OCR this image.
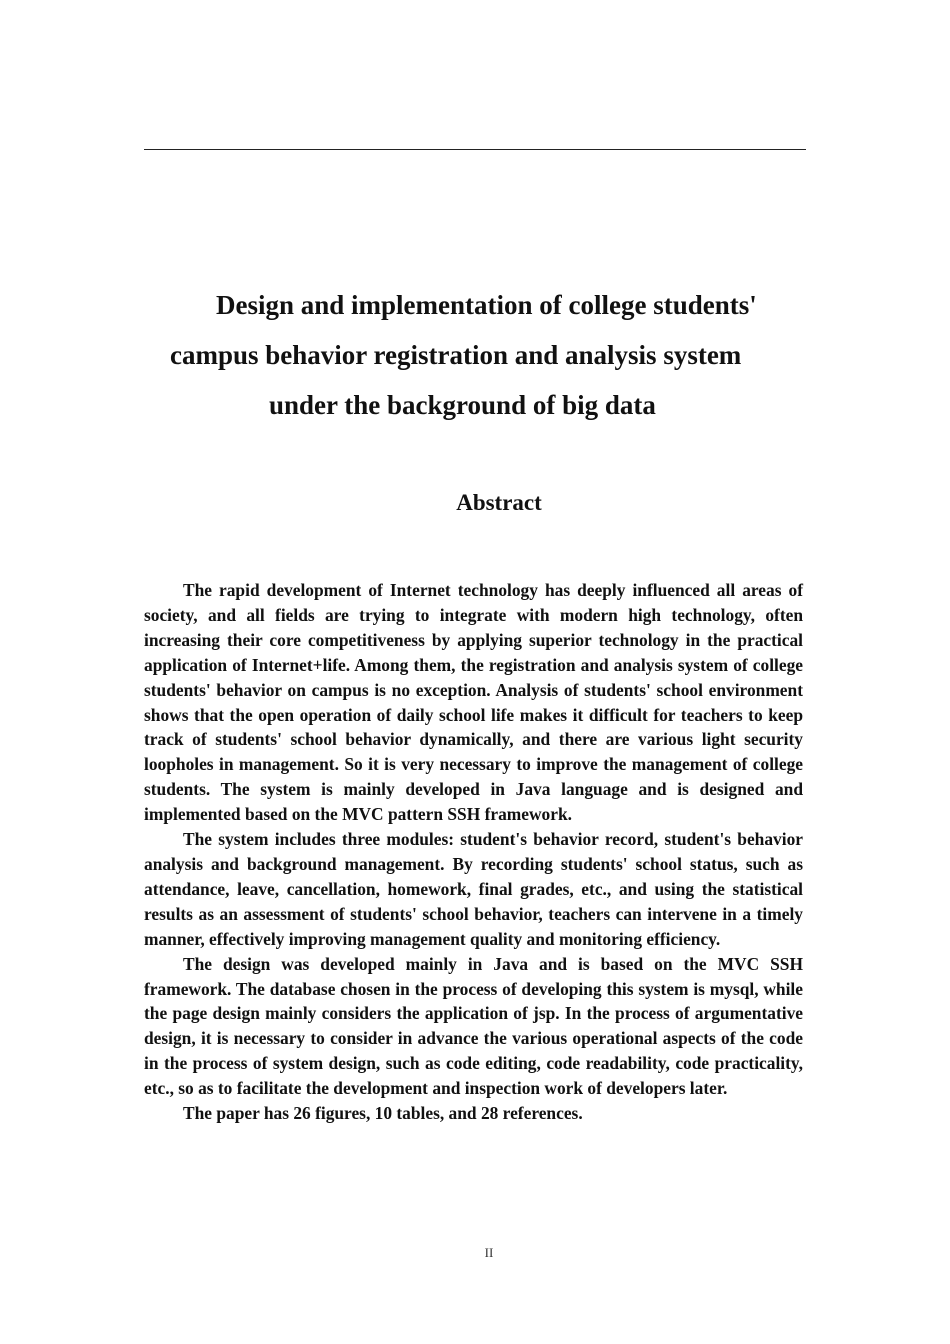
Design and implementation of college students'
campus behavior registration and analysis system
under the background of big data
Abstract

The rapid development of Internet technology has deeply influenced all areas of society, and all fields are trying to integrate with modern high technology, often increasing their core competitiveness by applying superior technology in the practical application of Internet+life. Among them, the registration and analysis system of college students' behavior on campus is no exception. Analysis of students' school environment shows that the open operation of daily school life makes it difficult for teachers to keep track of students' school behavior dynamically, and there are various light security loopholes in management. So it is very necessary to improve the management of college students. The system is mainly developed in Java language and is designed and implemented based on the MVC pattern SSH framework.

The system includes three modules: student's behavior record, student's behavior analysis and background management. By recording students' school status, such as attendance, leave, cancellation, homework, final grades, etc., and using the statistical results as an assessment of students' school behavior, teachers can intervene in a timely manner, effectively improving management quality and monitoring efficiency.

The design was developed mainly in Java and is based on the MVC SSH framework. The database chosen in the process of developing this system is mysql, while the page design mainly considers the application of jsp. In the process of argumentative design, it is necessary to consider in advance the various operational aspects of the code in the process of system design, such as code editing, code readability, code practicality, etc., so as to facilitate the development and inspection work of developers later.

The paper has 26 figures, 10 tables, and 28 references.

II
